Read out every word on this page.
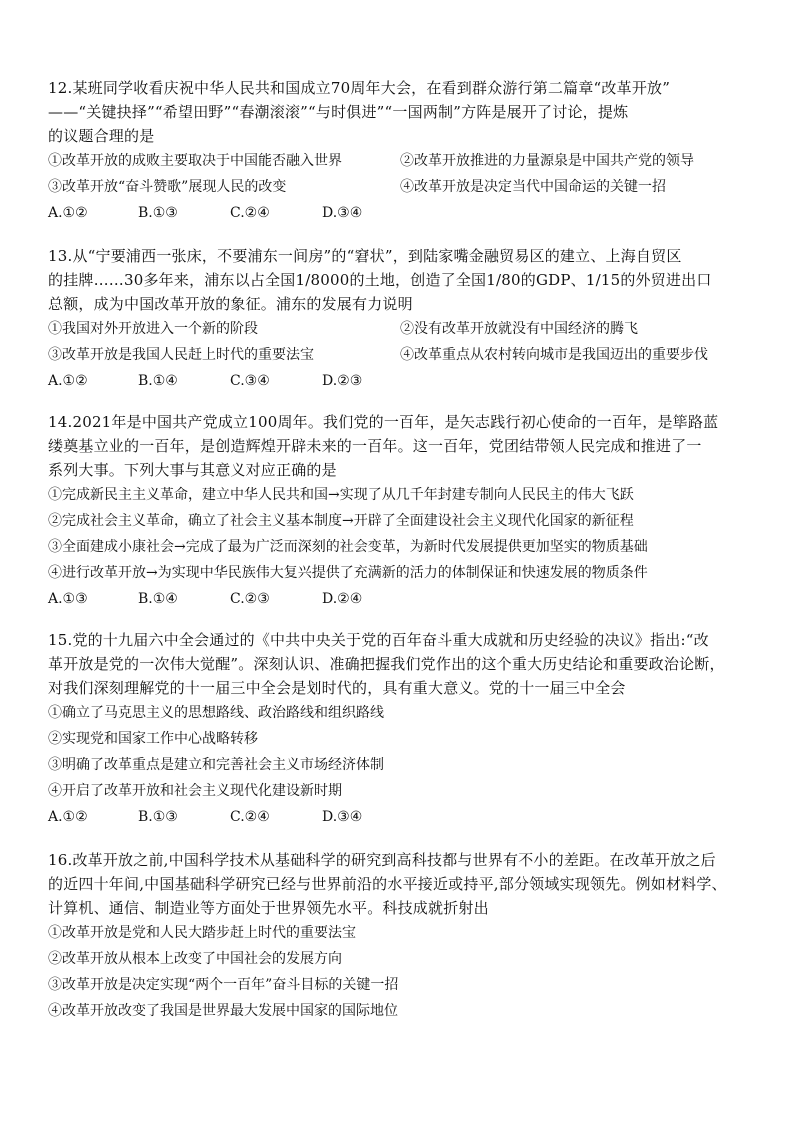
12.某班同学收看庆祝中华人民共和国成立70周年大会，在看到群众游行第二篇章“改革开放”
——“关键抉择”“希望田野”“春潮滚滚”“与时俱进”“一国两制”方阵是展开了讨论，提炼
的议题合理的是
①改革开放的成败主要取决于中国能否融入世界	②改革开放推进的力量源泉是中国共产党的领导
③改革开放“奋斗赞歌”展现人民的改变	④改革开放是决定当代中国命运的关键一招
A.①②	B.①③	C.②④	D.③④
13.从“宁要浦西一张床，不要浦东一间房”的“窘状”，到陆家嘴金融贸易区的建立、上海自贸区
的挂牌……30多年来，浦东以占全国1/8000的土地，创造了全国1/80的GDP、1/15的外贸进出口
总额，成为中国改革开放的象征。浦东的发展有力说明
①我国对外开放进入一个新的阶段	②没有改革开放就没有中国经济的腾飞
③改革开放是我国人民赶上时代的重要法宝	④改革重点从农村转向城市是我国迈出的重要步伐
A.①②	B.①④	C.③④	D.②③
14.2021年是中国共产党成立100周年。我们党的一百年，是矢志践行初心使命的一百年，是筚路蓝
缕奠基立业的一百年，是创造辉煌开辟未来的一百年。这一百年，党团结带领人民完成和推进了一
系列大事。下列大事与其意义对应正确的是
①完成新民主主义革命，建立中华人民共和国→实现了从几千年封建专制向人民民主的伟大飞跃
②完成社会主义革命，确立了社会主义基本制度→开辟了全面建设社会主义现代化国家的新征程
③全面建成小康社会→完成了最为广泛而深刻的社会变革，为新时代发展提供更加坚实的物质基础
④进行改革开放→为实现中华民族伟大复兴提供了充满新的活力的体制保证和快速发展的物质条件
A.①③	B.①④	C.②③	D.②④
15.党的十九届六中全会通过的《中共中央关于党的百年奋斗重大成就和历史经验的决议》指出:“改
革开放是党的一次伟大觉醒”。深刻认识、准确把握我们党作出的这个重大历史结论和重要政治论断，
对我们深刻理解党的十一届三中全会是划时代的，具有重大意义。党的十一届三中全会
①确立了马克思主义的思想路线、政治路线和组织路线
②实现党和国家工作中心战略转移
③明确了改革重点是建立和完善社会主义市场经济体制
④开启了改革开放和社会主义现代化建设新时期
A.①②	B.①③	C.②④	D.③④
16.改革开放之前,中国科学技术从基础科学的研究到高科技都与世界有不小的差距。在改革开放之后
的近四十年间,中国基础科学研究已经与世界前沿的水平接近或持平,部分领域实现领先。例如材料学、
计算机、通信、制造业等方面处于世界领先水平。科技成就折射出
①改革开放是党和人民大踏步赶上时代的重要法宝
②改革开放从根本上改变了中国社会的发展方向
③改革开放是决定实现“两个一百年”奋斗目标的关键一招
④改革开放改变了我国是世界最大发展中国家的国际地位
